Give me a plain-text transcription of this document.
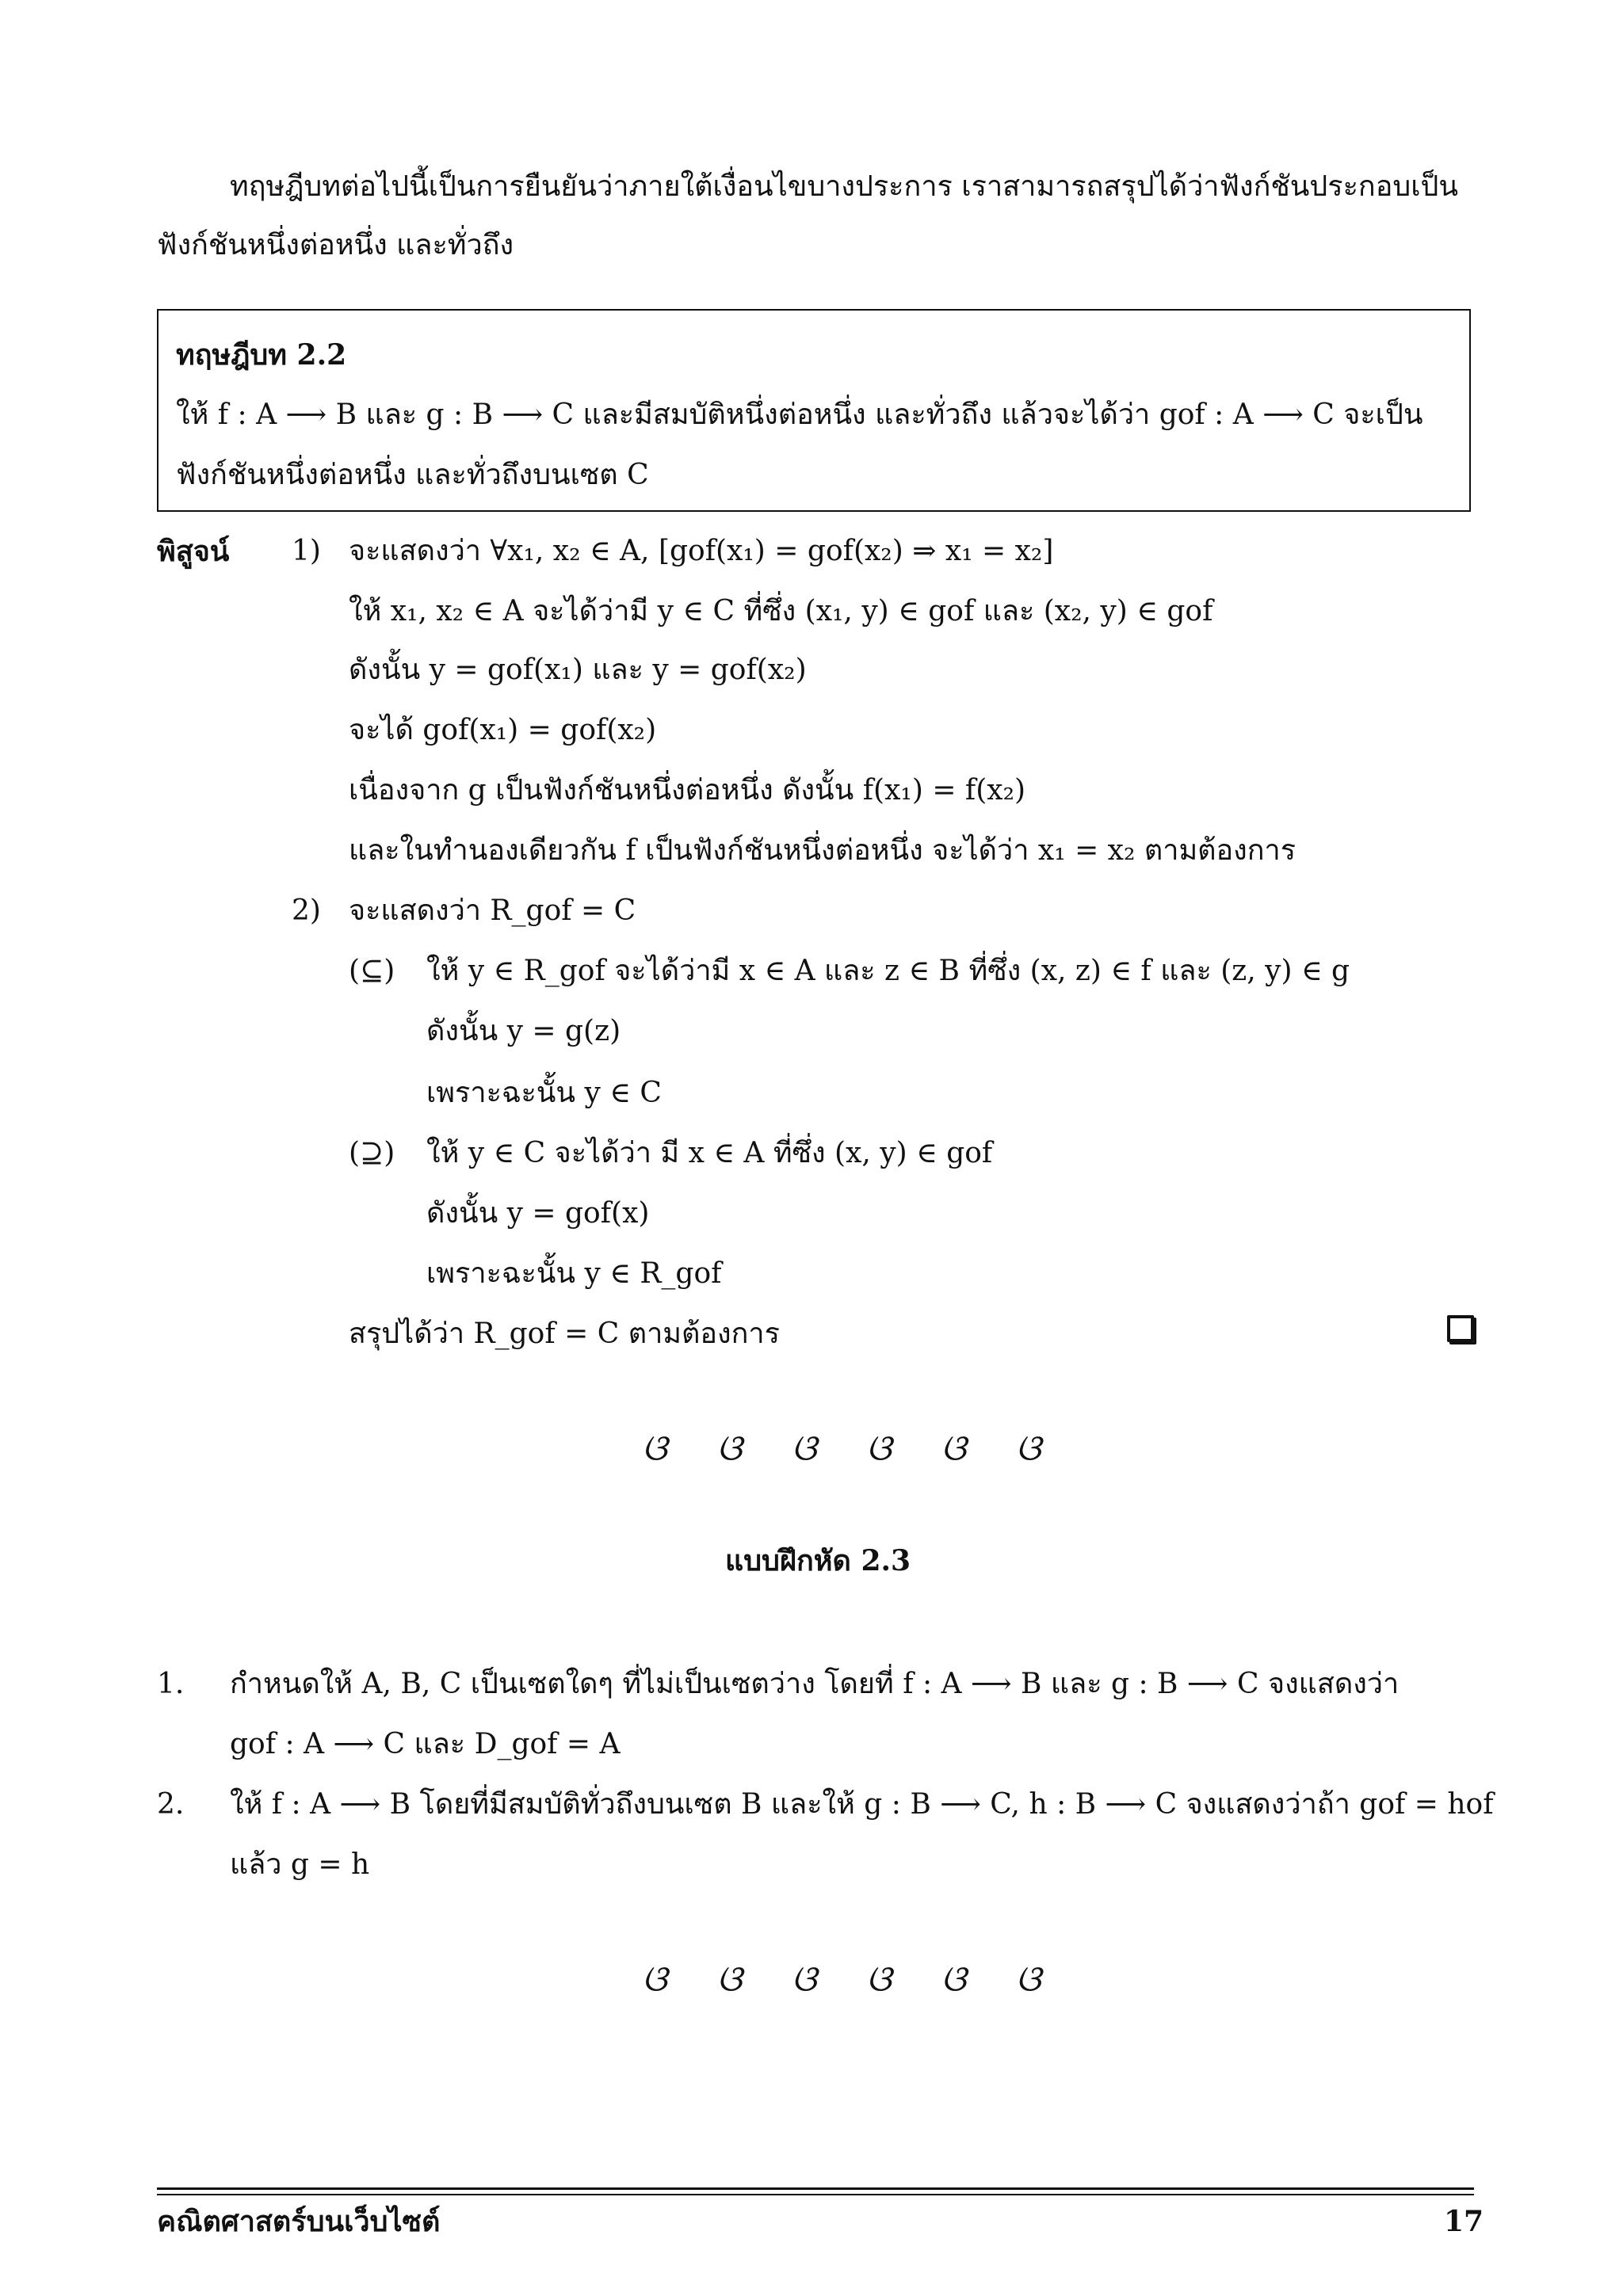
ทฤษฎีบทต่อไปนี้เป็นการยืนยันว่าภายใต้เงื่อนไขบางประการ เราสามารถสรุปได้ว่าฟังก์ชันประกอบเป็น
ฟังก์ชันหนึ่งต่อหนึ่ง และทั่วถึง
ทฤษฎีบท 2.2
ให้ f : A ⟶ B และ g : B ⟶ C และมีสมบัติหนึ่งต่อหนึ่ง และทั่วถึง แล้วจะได้ว่า gof : A ⟶ C จะเป็น
ฟังก์ชันหนึ่งต่อหนึ่ง และทั่วถึงบนเซต C
พิสูจน์ 1) จะแสดงว่า ∀x₁, x₂ ∈ A, [gof(x₁) = gof(x₂) ⇒ x₁ = x₂]
ให้ x₁, x₂ ∈ A จะได้ว่ามี y ∈ C ที่ซึ่ง (x₁, y) ∈ gof และ (x₂, y) ∈ gof
ดังนั้น y = gof(x₁) และ y = gof(x₂)
จะได้ gof(x₁) = gof(x₂)
เนื่องจาก g เป็นฟังก์ชันหนึ่งต่อหนึ่ง ดังนั้น f(x₁) = f(x₂)
และในทำนองเดียวกัน f เป็นฟังก์ชันหนึ่งต่อหนึ่ง จะได้ว่า x₁ = x₂ ตามต้องการ
2) จะแสดงว่า R_gof = C
(⊆) ให้ y ∈ R_gof จะได้ว่ามี x ∈ A และ z ∈ B ที่ซึ่ง (x, z) ∈ f และ (z, y) ∈ g
ดังนั้น y = g(z)
เพราะฉะนั้น y ∈ C
(⊇) ให้ y ∈ C จะได้ว่า มี x ∈ A ที่ซึ่ง (x, y) ∈ gof
ดังนั้น y = gof(x)
เพราะฉะนั้น y ∈ R_gof
สรุปได้ว่า R_gof = C ตามต้องการ
ଓ ଓ ଓ ଓ ଓ ଓ
แบบฝึกหัด 2.3
1. กำหนดให้ A, B, C เป็นเซตใดๆ ที่ไม่เป็นเซตว่าง โดยที่ f : A ⟶ B และ g : B ⟶ C จงแสดงว่า
gof : A ⟶ C และ D_gof = A
2. ให้ f : A ⟶ B โดยที่มีสมบัติทั่วถึงบนเซต B และให้ g : B ⟶ C, h : B ⟶ C จงแสดงว่าถ้า gof = hof
แล้ว g = h
ଓ ଓ ଓ ଓ ଓ ଓ
คณิตศาสตร์บนเว็บไซต์	17
